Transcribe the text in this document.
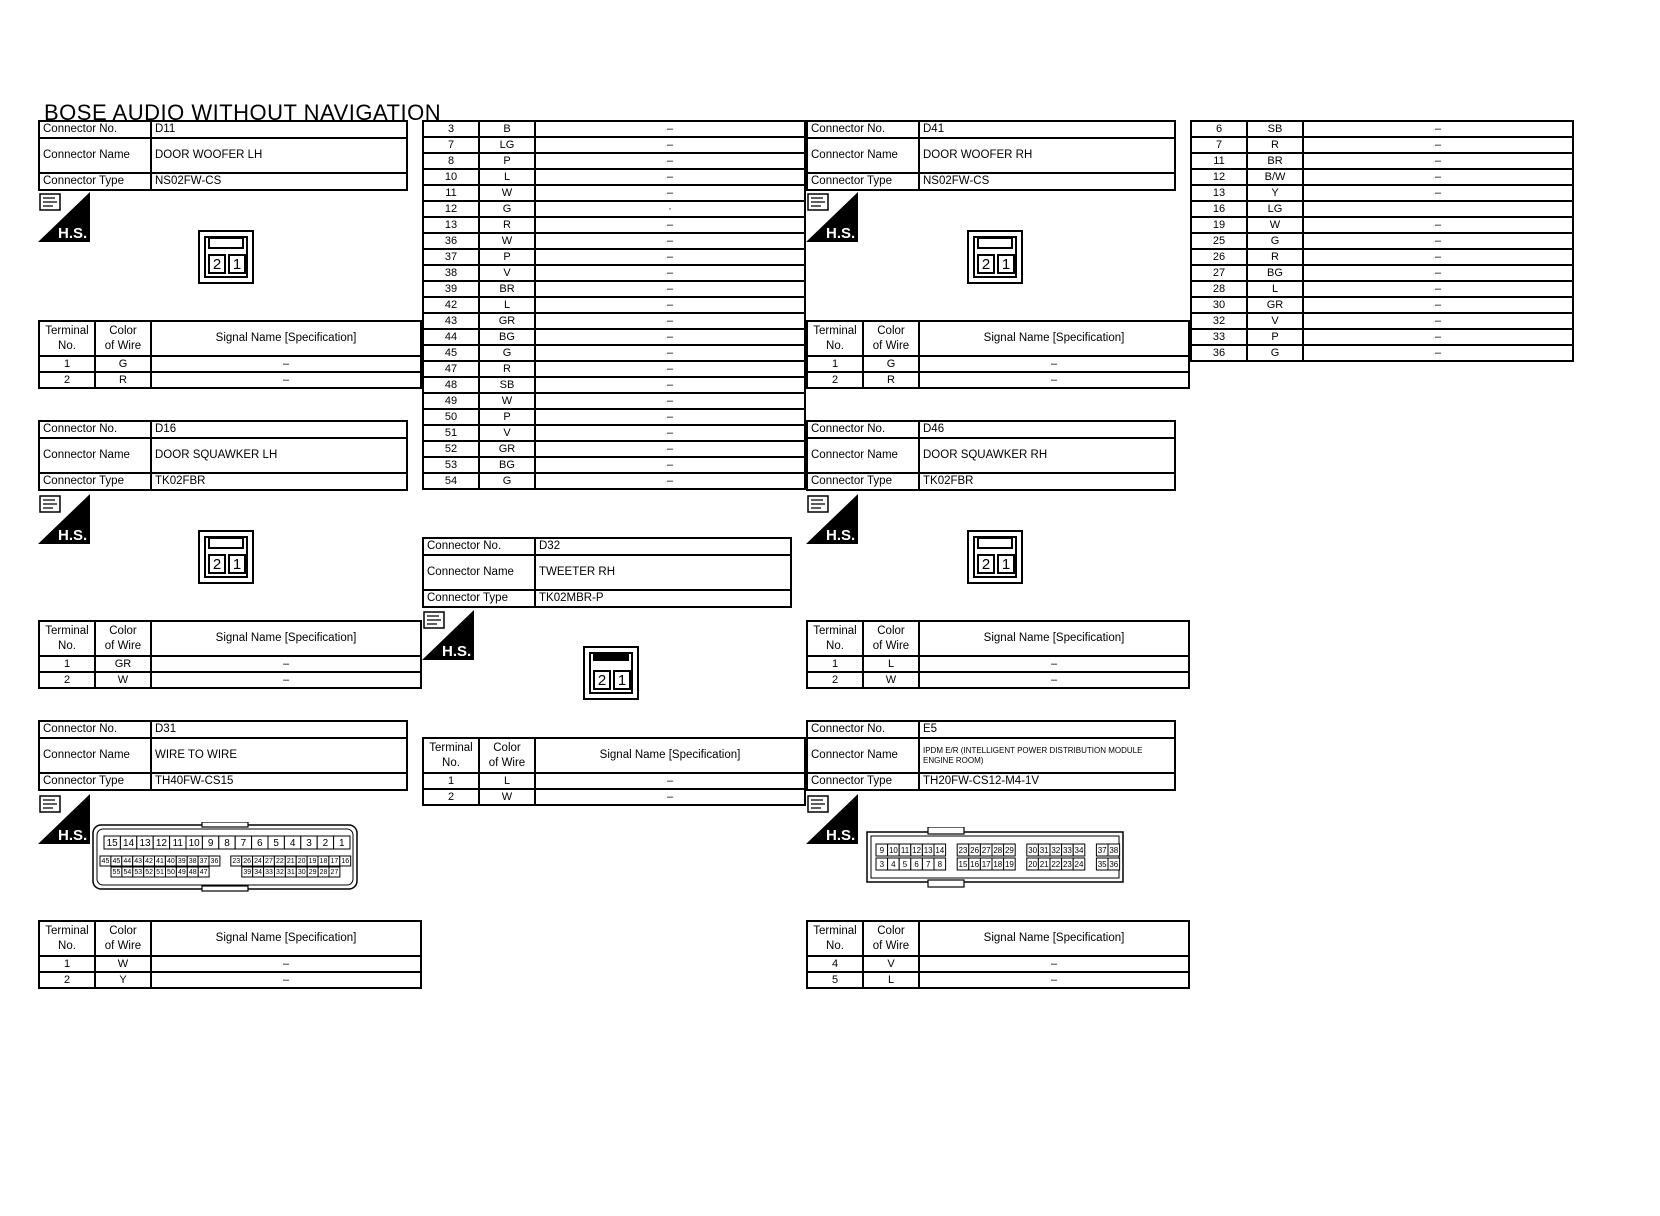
BOSE AUDIO WITHOUT NAVIGATION
Connector No.	D11
Connector Name	DOOR WOOFER LH
Connector Type	NS02FW-CS
H.S.
2 1
Terminal
No.	Color
of Wire	Signal Name [Specification]
1	G	–
2	R	–
Connector No.	D16
Connector Name	DOOR SQUAWKER LH
Connector Type	TK02FBR
H.S.
2 1
Terminal
No.	Color
of Wire	Signal Name [Specification]
1	GR	–
2	W	–
Connector No.	D31
Connector Name	WIRE TO WIRE
Connector Type	TH40FW-CS15
H.S. 15 14 13 12 11 10 9 8 7 6 5 4 3 2 1
45 45 44 43 42 41 40 39 38 37 36 23 26 24 27 22 21 20 19 18 17 16
55 54 53 52 51 50 49 48 47	39 34 33 32 31 30 29 28 27
Terminal
No.	Color
of Wire	Signal Name [Specification]
1	W	–
2	Y	–
3	B	–
7	LG	–
8	P	–
10	L	–
11	W	–
12	G	·
13	R	–
36	W	–
37	P	–
38	V	–
39	BR	–
42	L	–
43	GR	–
44	BG	–
45	G	–
47	R	–
48	SB	–
49	W	–
50	P	–
51	V	–
52	GR	–
53	BG	–
54	G	–
Connector No.	D32
Connector Name	TWEETER RH
Connector Type	TK02MBR-P
H.S.
2 1
Terminal
No.	Color
of Wire	Signal Name [Specification]
1	L	–
2	W	–
Connector No.	D41
Connector Name	DOOR WOOFER RH
Connector Type	NS02FW-CS
H.S.
2 1
Terminal
No.	Color
of Wire	Signal Name [Specification]
1	G	–
2	R	–
Connector No.	D46
Connector Name	DOOR SQUAWKER RH
Connector Type	TK02FBR
H.S.
2 1
Terminal
No.	Color
of Wire	Signal Name [Specification]
1	L	–
2	W	–
Connector No.	E5
Connector Name	IPDM E/R (INTELLIGENT POWER DISTRIBUTION MODULE ENGINE ROOM)
Connector Type	TH20FW-CS12-M4-1V
H.S.
9 10 11 12 13 14 23 26 27 28 29 30 31 32 33 34 37 38
3 4 5 6 7 8 15 16 17 18 19 20 21 22 23 24 35 36
Terminal
No.	Color
of Wire	Signal Name [Specification]
4	V	–
5	L	–
6	SB	–
7	R	–
11	BR	–
12	B/W	–
13	Y	–
16	LG	
19	W	–
25	G	–
26	R	–
27	BG	–
28	L	–
30	GR	–
32	V	–
33	P	–
36	G	–
